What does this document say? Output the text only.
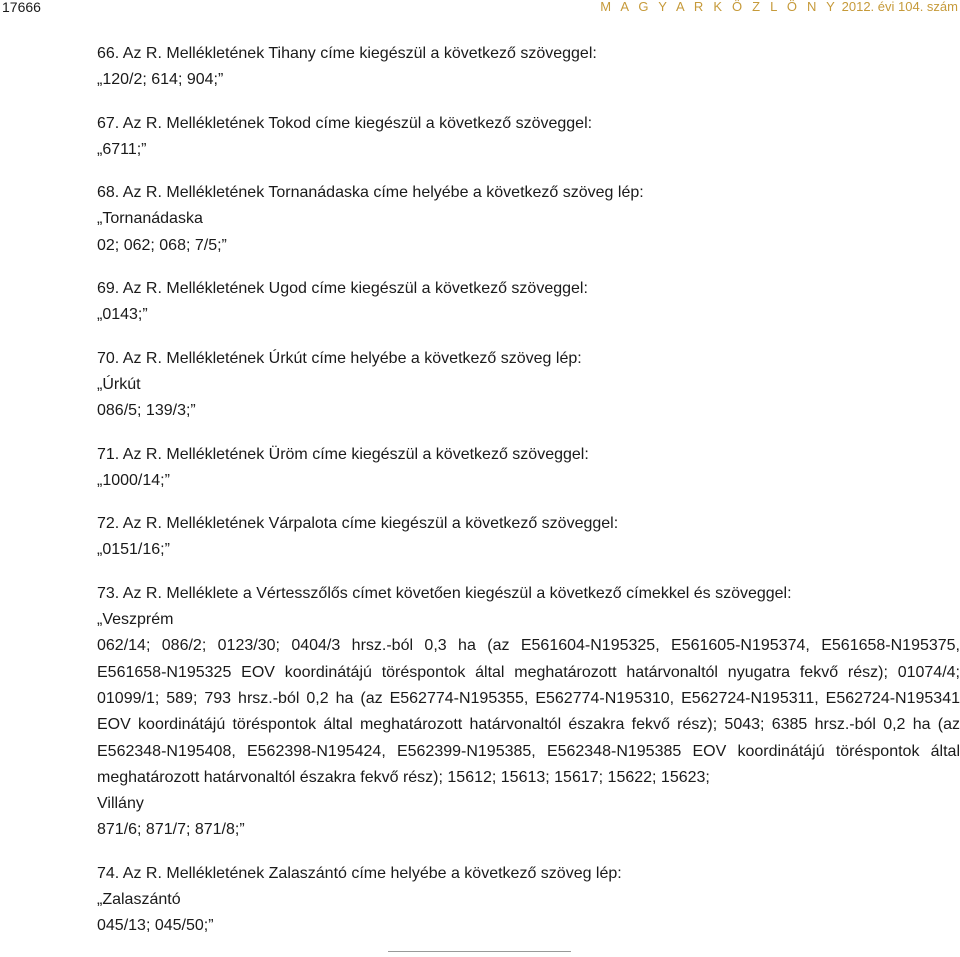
17666	M A G Y A R K Ö Z L Ö N Y 2012. évi 104. szám
66. Az R. Mellékletének Tihany címe kiegészül a következő szöveggel:
„120/2; 614; 904;”
67. Az R. Mellékletének Tokod címe kiegészül a következő szöveggel:
„6711;”
68. Az R. Mellékletének Tornanádaska címe helyébe a következő szöveg lép:
„Tornanádaska
02; 062; 068; 7/5;”
69. Az R. Mellékletének Ugod címe kiegészül a következő szöveggel:
„0143;”
70. Az R. Mellékletének Úrkút címe helyébe a következő szöveg lép:
„Úrkút
086/5; 139/3;”
71. Az R. Mellékletének Üröm címe kiegészül a következő szöveggel:
„1000/14;”
72. Az R. Mellékletének Várpalota címe kiegészül a következő szöveggel:
„0151/16;”
73. Az R. Melléklete a Vértesszőlős címet követően kiegészül a következő címekkel és szöveggel:
„Veszprém
062/14; 086/2; 0123/30; 0404/3 hrsz.-ból 0,3 ha (az E561604-N195325, E561605-N195374, E561658-N195375,
E561658-N195325 EOV koordinátájú töréspontok által meghatározott határvonaltól nyugatra fekvő rész); 01074/4;
01099/1; 589; 793 hrsz.-ból 0,2 ha (az E562774-N195355, E562774-N195310, E562724-N195311, E562724-N195341
EOV koordinátájú töréspontok által meghatározott határvonaltól északra fekvő rész); 5043; 6385 hrsz.-ból 0,2 ha (az
E562348-N195408, E562398-N195424, E562399-N195385, E562348-N195385 EOV koordinátájú töréspontok által
meghatározott határvonaltól északra fekvő rész); 15612; 15613; 15617; 15622; 15623;
Villány
871/6; 871/7; 871/8;”
74. Az R. Mellékletének Zalaszántó címe helyébe a következő szöveg lép:
„Zalaszántó
045/13; 045/50;”
